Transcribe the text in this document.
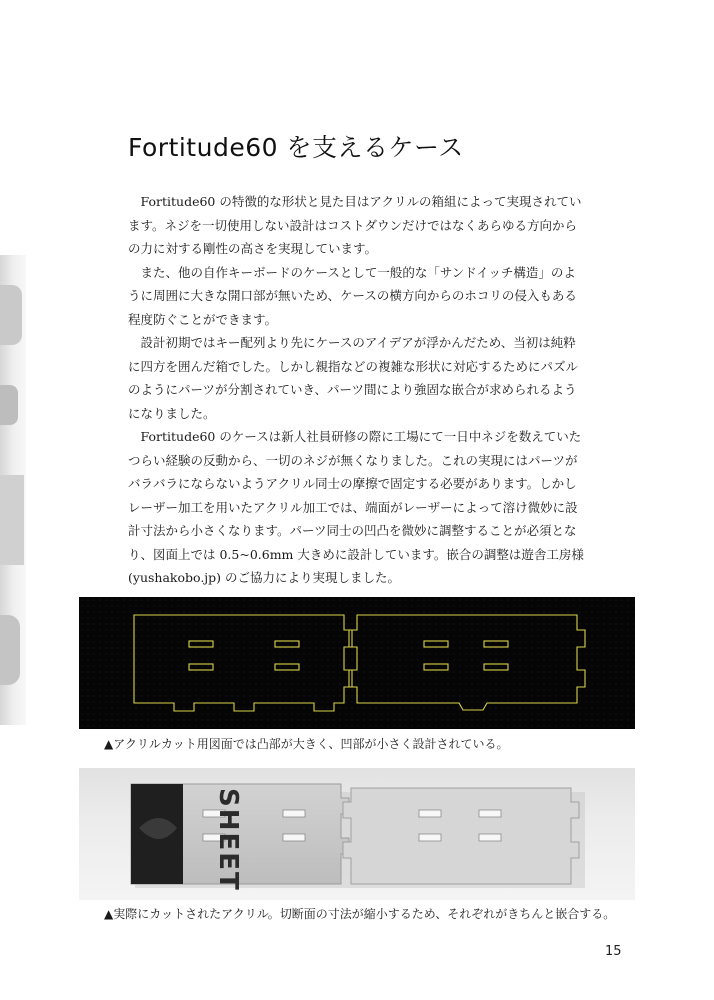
Fortitude60 を支えるケース

Fortitude60 の特徴的な形状と見た目はアクリルの箱組によって実現されています。ネジを一切使用しない設計はコストダウンだけではなくあらゆる方向からの力に対する剛性の高さを実現しています。

また、他の自作キーボードのケースとして一般的な「サンドイッチ構造」のように周囲に大きな開口部が無いため、ケースの横方向からのホコリの侵入もある程度防ぐことができます。

設計初期ではキー配列より先にケースのアイデアが浮かんだため、当初は純粋に四方を囲んだ箱でした。しかし親指などの複雑な形状に対応するためにパズルのようにパーツが分割されていき、パーツ間により強固な嵌合が求められるようになりました。

Fortitude60 のケースは新人社員研修の際に工場にて一日中ネジを数えていたつらい経験の反動から、一切のネジが無くなりました。これの実現にはパーツがバラバラにならないようアクリル同士の摩擦で固定する必要があります。しかしレーザー加工を用いたアクリル加工では、端面がレーザーによって溶け微妙に設計寸法から小さくなります。パーツ同士の凹凸を微妙に調整することが必須となり、図面上では 0.5~0.6mm 大きめに設計しています。嵌合の調整は遊舎工房様 (yushakobo.jp) のご協力により実現しました。

▲アクリルカット用図面では凸部が大きく、凹部が小さく設計されている。

SHEET

▲実際にカットされたアクリル。切断面の寸法が縮小するため、それぞれがきちんと嵌合する。

15
